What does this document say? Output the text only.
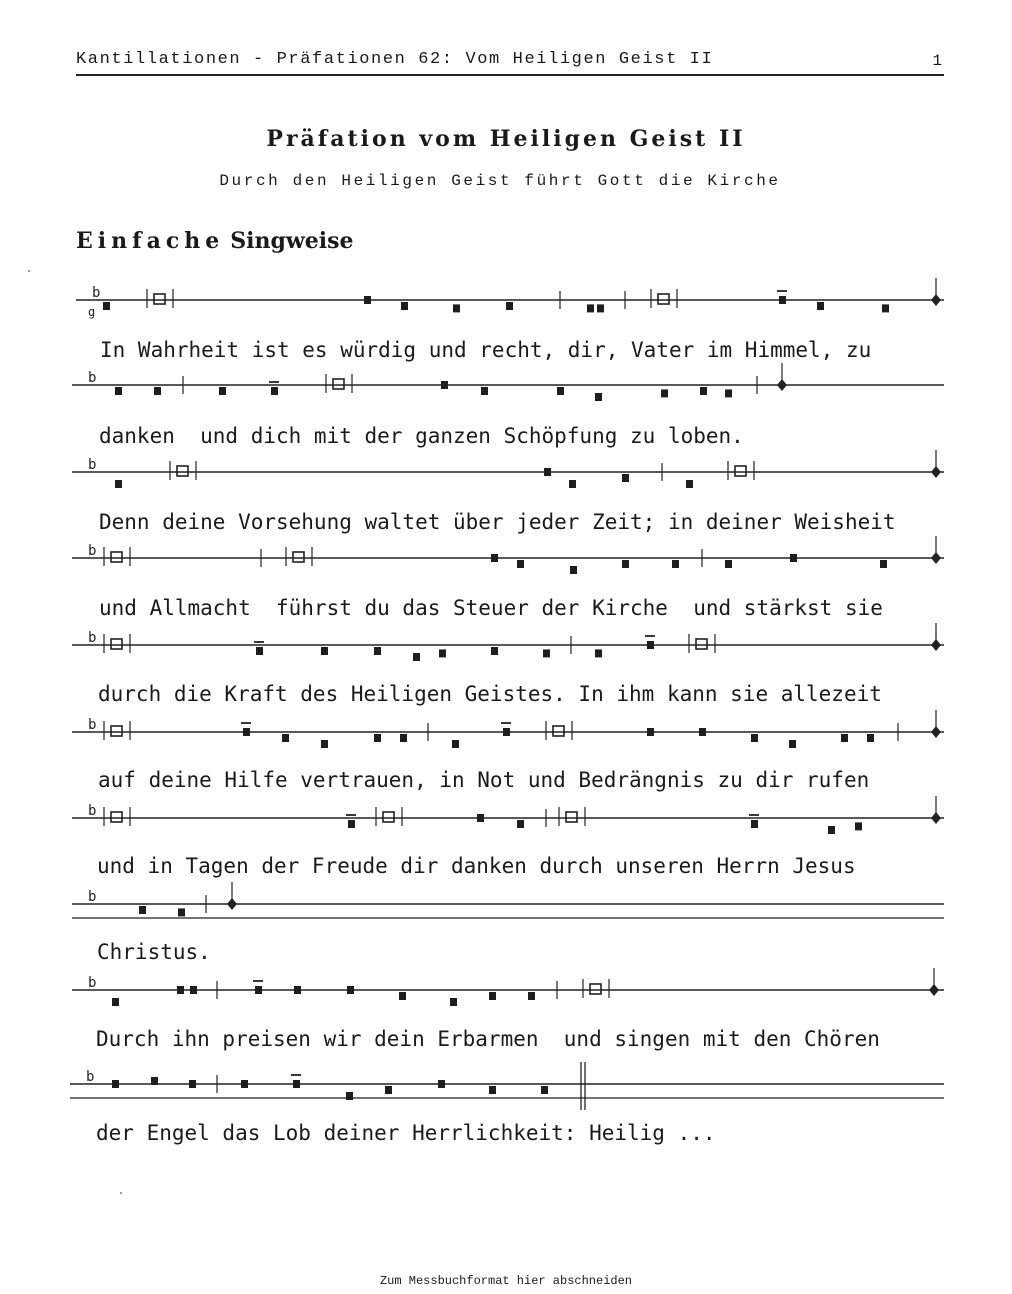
Kantillationen - Präfationen 62: Vom Heiligen Geist II	1
Präfation vom Heiligen Geist II
Durch den Heiligen Geist führt Gott die Kirche
Einfache Singweise
b
g
b
b
b
b
b
b
b
b
b
In Wahrheit ist es würdig und recht, dir, Vater im Himmel, zu
danken  und dich mit der ganzen Schöpfung zu loben.
Denn deine Vorsehung waltet über jeder Zeit; in deiner Weisheit
und Allmacht  führst du das Steuer der Kirche  und stärkst sie
durch die Kraft des Heiligen Geistes. In ihm kann sie allezeit
auf deine Hilfe vertrauen, in Not und Bedrängnis zu dir rufen
und in Tagen der Freude dir danken durch unseren Herrn Jesus
Christus.
Durch ihn preisen wir dein Erbarmen  und singen mit den Chören
der Engel das Lob deiner Herrlichkeit: Heilig ...
Zum Messbuchformat hier abschneiden
